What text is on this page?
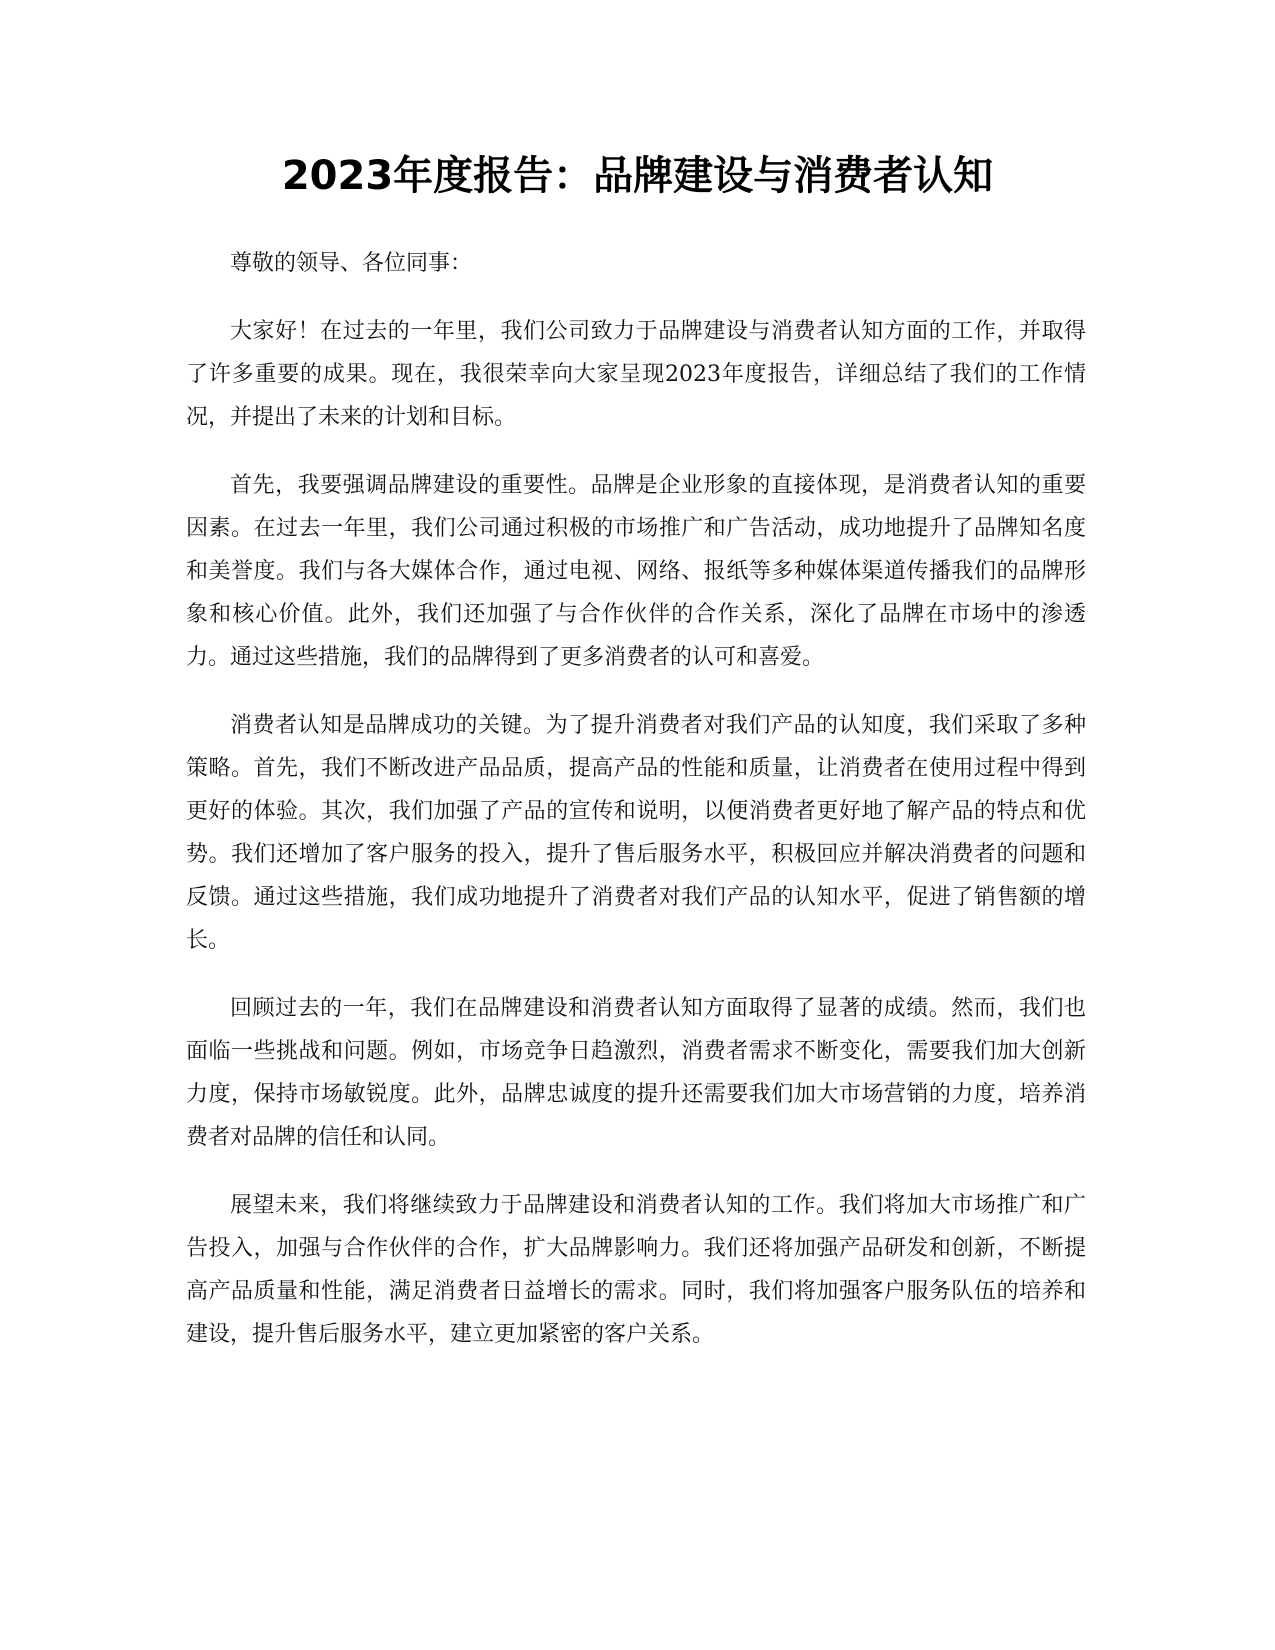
2023年度报告：品牌建设与消费者认知

尊敬的领导、各位同事：

大家好！在过去的一年里，我们公司致力于品牌建设与消费者认知方面的工作，并取得了许多重要的成果。现在，我很荣幸向大家呈现2023年度报告，详细总结了我们的工作情况，并提出了未来的计划和目标。

首先，我要强调品牌建设的重要性。品牌是企业形象的直接体现，是消费者认知的重要因素。在过去一年里，我们公司通过积极的市场推广和广告活动，成功地提升了品牌知名度和美誉度。我们与各大媒体合作，通过电视、网络、报纸等多种媒体渠道传播我们的品牌形象和核心价值。此外，我们还加强了与合作伙伴的合作关系，深化了品牌在市场中的渗透力。通过这些措施，我们的品牌得到了更多消费者的认可和喜爱。

消费者认知是品牌成功的关键。为了提升消费者对我们产品的认知度，我们采取了多种策略。首先，我们不断改进产品品质，提高产品的性能和质量，让消费者在使用过程中得到更好的体验。其次，我们加强了产品的宣传和说明，以便消费者更好地了解产品的特点和优势。我们还增加了客户服务的投入，提升了售后服务水平，积极回应并解决消费者的问题和反馈。通过这些措施，我们成功地提升了消费者对我们产品的认知水平，促进了销售额的增长。

回顾过去的一年，我们在品牌建设和消费者认知方面取得了显著的成绩。然而，我们也面临一些挑战和问题。例如，市场竞争日趋激烈，消费者需求不断变化，需要我们加大创新力度，保持市场敏锐度。此外，品牌忠诚度的提升还需要我们加大市场营销的力度，培养消费者对品牌的信任和认同。

展望未来，我们将继续致力于品牌建设和消费者认知的工作。我们将加大市场推广和广告投入，加强与合作伙伴的合作，扩大品牌影响力。我们还将加强产品研发和创新，不断提高产品质量和性能，满足消费者日益增长的需求。同时，我们将加强客户服务队伍的培养和建设，提升售后服务水平，建立更加紧密的客户关系。
